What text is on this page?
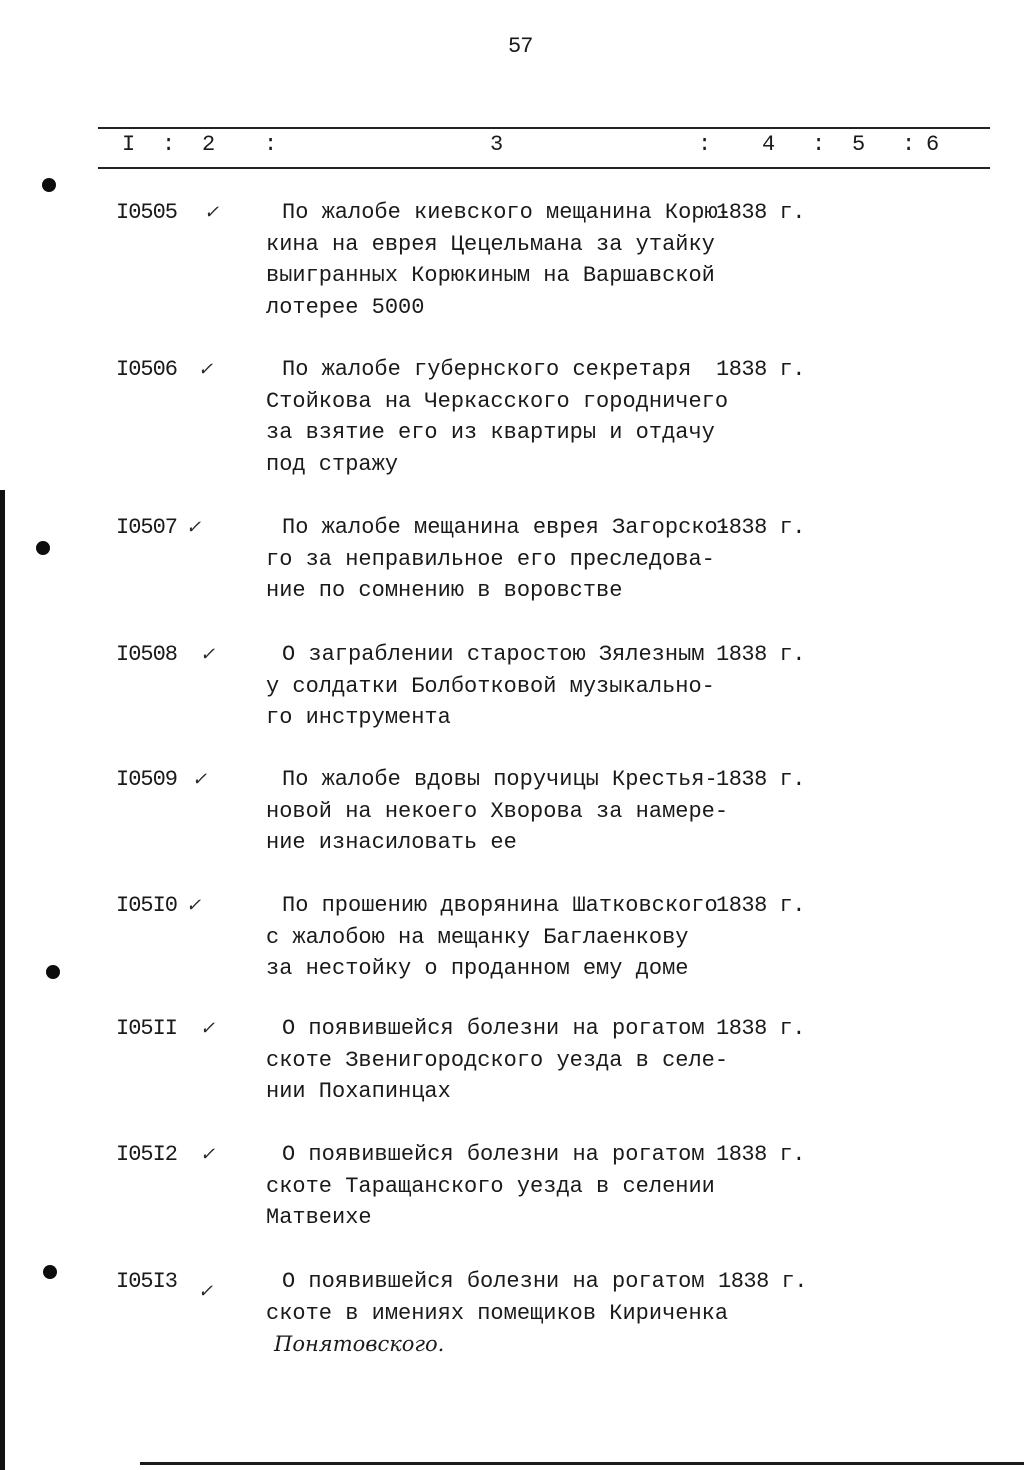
57
I : 2 :	3	: 4 : 5 : 6
I0505 ✓	По жалобе киевского мещанина Корю-
кина на еврея Цецельмана за утайку
выигранных Корюкиным на Варшавской
лотерее 5000
1838 г.
I0506 ✓	По жалобе губернского секретаря
Стойкова на Черкасского городничего
за взятие его из квартиры и отдачу
под стражу
1838 г.
I0507 ✓	По жалобе мещанина еврея Загорско-
го за неправильное его преследова-
ние по сомнению в воровстве
1838 г.
I0508 ✓	О заграблении старостою Зялезным
у солдатки Болботковой музыкально-
го инструмента
1838 г.
I0509 ✓	По жалобе вдовы поручицы Крестья-
новой на некоего Хворова за намере-
ние изнасиловать ее
1838 г.
I05I0 ✓	По прошению дворянина Шатковского
с жалобою на мещанку Баглаенкову
за нестойку о проданном ему доме
1838 г.
I05II ✓	О появившейся болезни на рогатом
скоте Звенигородского уезда в селе-
нии Похапинцах
1838 г.
I05I2 ✓	О появившейся болезни на рогатом
скоте Таращанского уезда в селении
Матвеихе
1838 г.
I05I3 ✓	О появившейся болезни на рогатом
скоте в имениях помещиков Кириченка
Понятовского.
1838 г.
